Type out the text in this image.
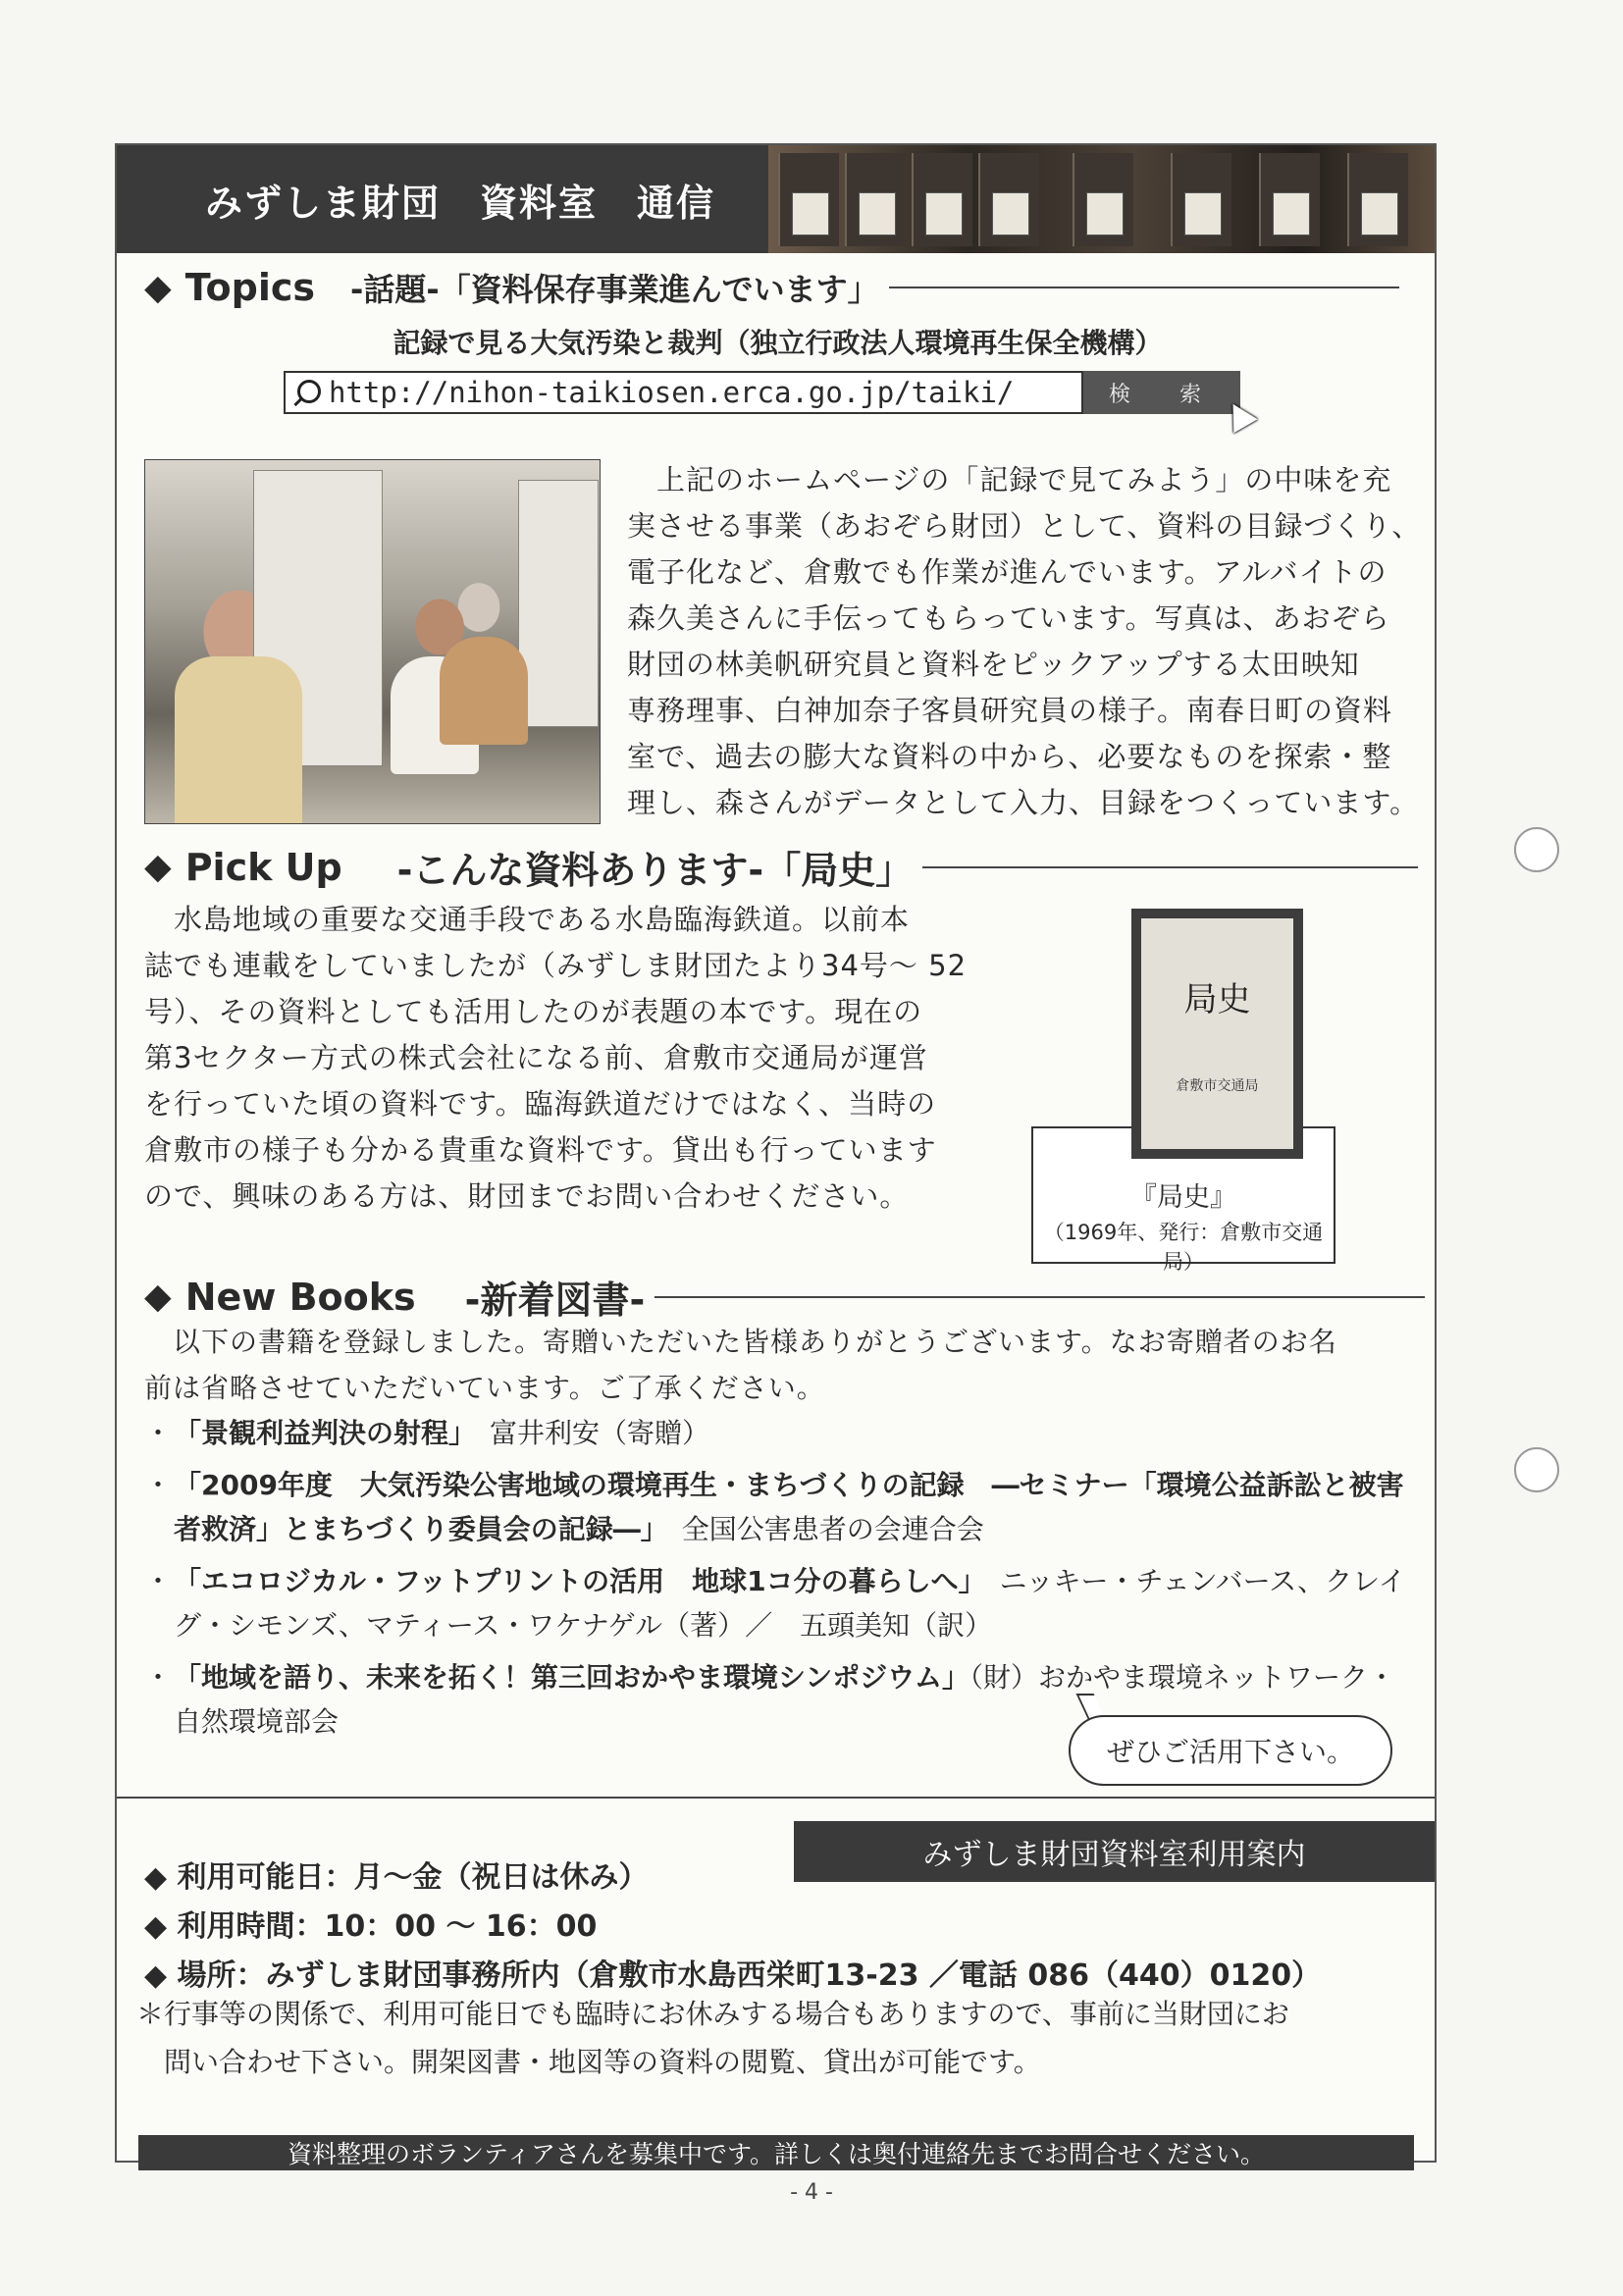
みずしま財団　資料室　通信
◆ Topics -話題-「資料保存事業進んでいます」
記録で見る大気汚染と裁判（独立行政法人環境再生保全機構）
http://nihon-taikiosen.erca.go.jp/taiki/	検　索
　上記のホームページの「記録で見てみよう」の中味を充
実させる事業（あおぞら財団）として、資料の目録づくり、
電子化など、倉敷でも作業が進んでいます。アルバイトの
森久美さんに手伝ってもらっています。写真は、あおぞら
財団の林美帆研究員と資料をピックアップする太田映知
専務理事、白神加奈子客員研究員の様子。南春日町の資料
室で、過去の膨大な資料の中から、必要なものを探索・整
理し、森さんがデータとして入力、目録をつくっています。
◆ Pick Up -こんな資料あります-「局史」
　水島地域の重要な交通手段である水島臨海鉄道。以前本
誌でも連載をしていましたが（みずしま財団たより34号～ 52
号）、その資料としても活用したのが表題の本です。現在の
第3セクター方式の株式会社になる前、倉敷市交通局が運営
を行っていた頃の資料です。臨海鉄道だけではなく、当時の
倉敷市の様子も分かる貴重な資料です。貸出も行っています
ので、興味のある方は、財団までお問い合わせください。
局史
倉敷市交通局
『局史』
（1969年、発行：倉敷市交通局）
◆ New Books -新着図書-
　以下の書籍を登録しました。寄贈いただいた皆様ありがとうございます。なお寄贈者のお名
前は省略させていただいています。ご了承ください。
・ 「景観利益判決の射程」　富井利安（寄贈）
・ 「2009年度　大気汚染公害地域の環境再生・まちづくりの記録　―セミナー「環境公益訴訟と被害者救済」とまちづくり委員会の記録―」　全国公害患者の会連合会
・ 「エコロジカル・フットプリントの活用　地球1コ分の暮らしへ」　ニッキー・チェンバース、クレイグ・シモンズ、マティース・ワケナゲル（著）／　五頭美知（訳）
・ 「地域を語り、未来を拓く！第三回おかやま環境シンポジウム」（財）おかやま環境ネットワーク・自然環境部会
ぜひご活用下さい。
みずしま財団資料室利用案内
◆ 利用可能日：月～金（祝日は休み）
◆ 利用時間：10：00 ～ 16：00
◆ 場所：みずしま財団事務所内（倉敷市水島西栄町13-23 ／電話 086（440）0120）
＊行事等の関係で、利用可能日でも臨時にお休みする場合もありますので、事前に当財団にお
　問い合わせ下さい。開架図書・地図等の資料の閲覧、貸出が可能です。
資料整理のボランティアさんを募集中です。詳しくは奥付連絡先までお問合せください。
- 4 -
